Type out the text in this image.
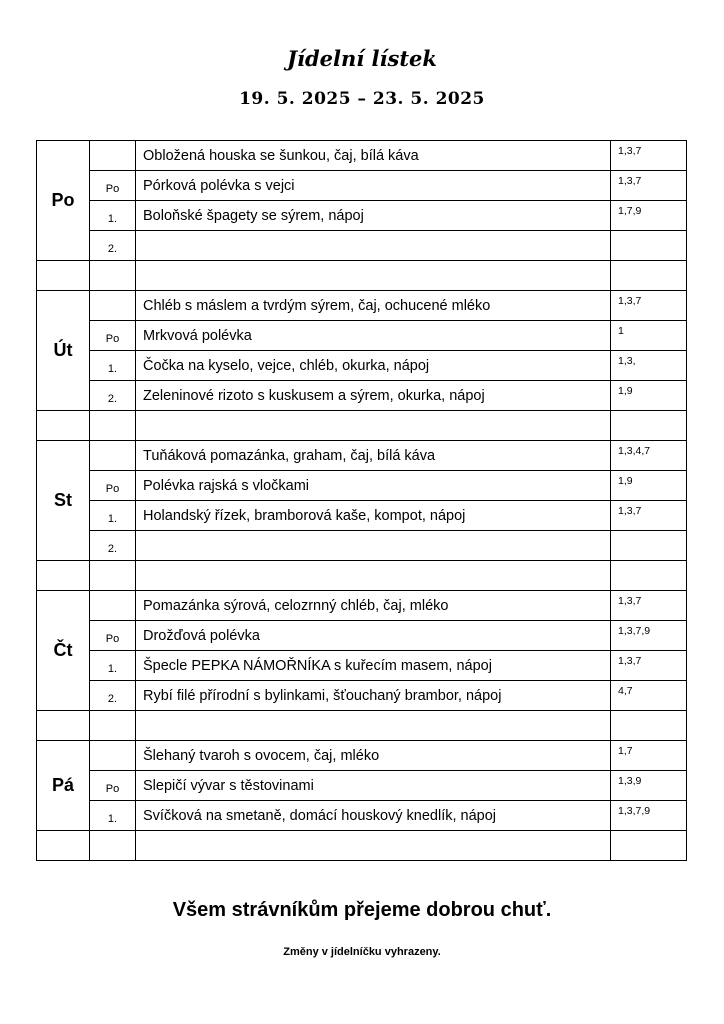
Jídelní lístek
19. 5. 2025 – 23. 5. 2025
Po		Obložená houska se šunkou, čaj, bílá káva	1,3,7
	Po	Pórková polévka s vejci	1,3,7
	1.	Boloňské špagety se sýrem, nápoj	1,7,9
	2.		

Út		Chléb s máslem a tvrdým sýrem, čaj, ochucené mléko	1,3,7
	Po	Mrkvová polévka	1
	1.	Čočka na kyselo, vejce, chléb, okurka, nápoj	1,3,
	2.	Zeleninové rizoto s kuskusem a sýrem, okurka, nápoj	1,9

St		Tuňáková pomazánka, graham, čaj, bílá káva	1,3,4,7
	Po	Polévka rajská s vločkami	1,9
	1.	Holandský řízek, bramborová kaše, kompot, nápoj	1,3,7
	2.		

Čt		Pomazánka sýrová, celozrnný chléb, čaj, mléko	1,3,7
	Po	Drožďová polévka	1,3,7,9
	1.	Špecle PEPKA NÁMOŘNÍKA s kuřecím masem, nápoj	1,3,7
	2.	Rybí filé přírodní s bylinkami, šťouchaný brambor, nápoj	4,7

Pá		Šlehaný tvaroh s ovocem, čaj, mléko	1,7
	Po	Slepičí vývar s těstovinami	1,3,9
	1.	Svíčková na smetaně, domácí houskový knedlík, nápoj	1,3,7,9

Všem strávníkům přejeme dobrou chuť.

Změny v jídelníčku vyhrazeny.
